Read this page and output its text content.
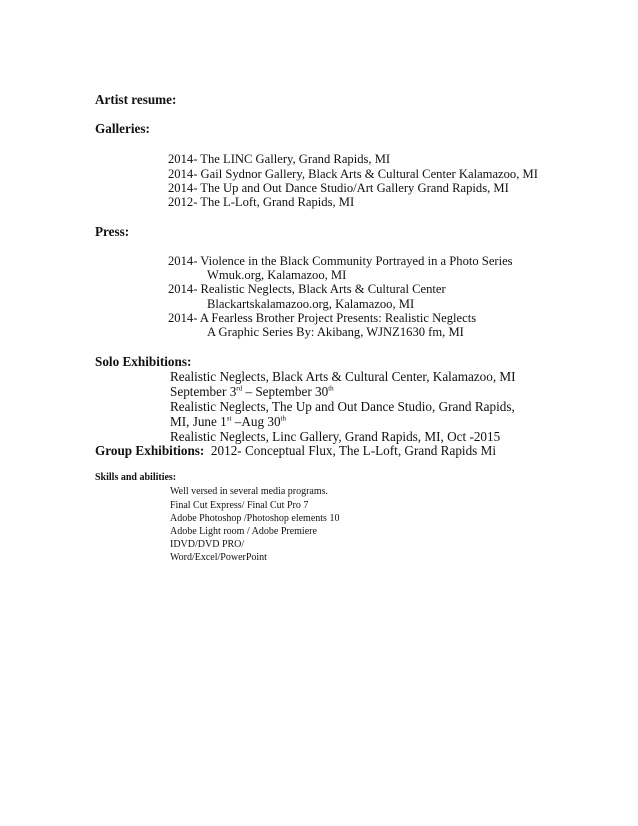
Artist resume:
Galleries:
2014- The LINC Gallery, Grand Rapids, MI
2014- Gail Sydnor Gallery, Black Arts & Cultural Center Kalamazoo, MI
2014- The Up and Out Dance Studio/Art Gallery Grand Rapids, MI
2012- The L-Loft, Grand Rapids, MI
Press:
2014- Violence in the Black Community Portrayed in a Photo Series
Wmuk.org, Kalamazoo, MI
2014- Realistic Neglects, Black Arts & Cultural Center
Blackartskalamazoo.org, Kalamazoo, MI
2014- A Fearless Brother Project Presents: Realistic Neglects
A Graphic Series By: Akibang, WJNZ1630 fm, MI
Solo Exhibitions:
Realistic Neglects, Black Arts & Cultural Center, Kalamazoo, MI
September 3rd – September 30th
Realistic Neglects, The Up and Out Dance Studio, Grand Rapids,
MI, June 1st –Aug 30th
Realistic Neglects, Linc Gallery, Grand Rapids, MI, Oct -2015
Group Exhibitions:  2012- Conceptual Flux, The L-Loft, Grand Rapids Mi
Skills and abilities:
Well versed in several media programs.
Final Cut Express/ Final Cut Pro 7
Adobe Photoshop /Photoshop elements 10
Adobe Light room / Adobe Premiere
IDVD/DVD PRO/
Word/Excel/PowerPoint
